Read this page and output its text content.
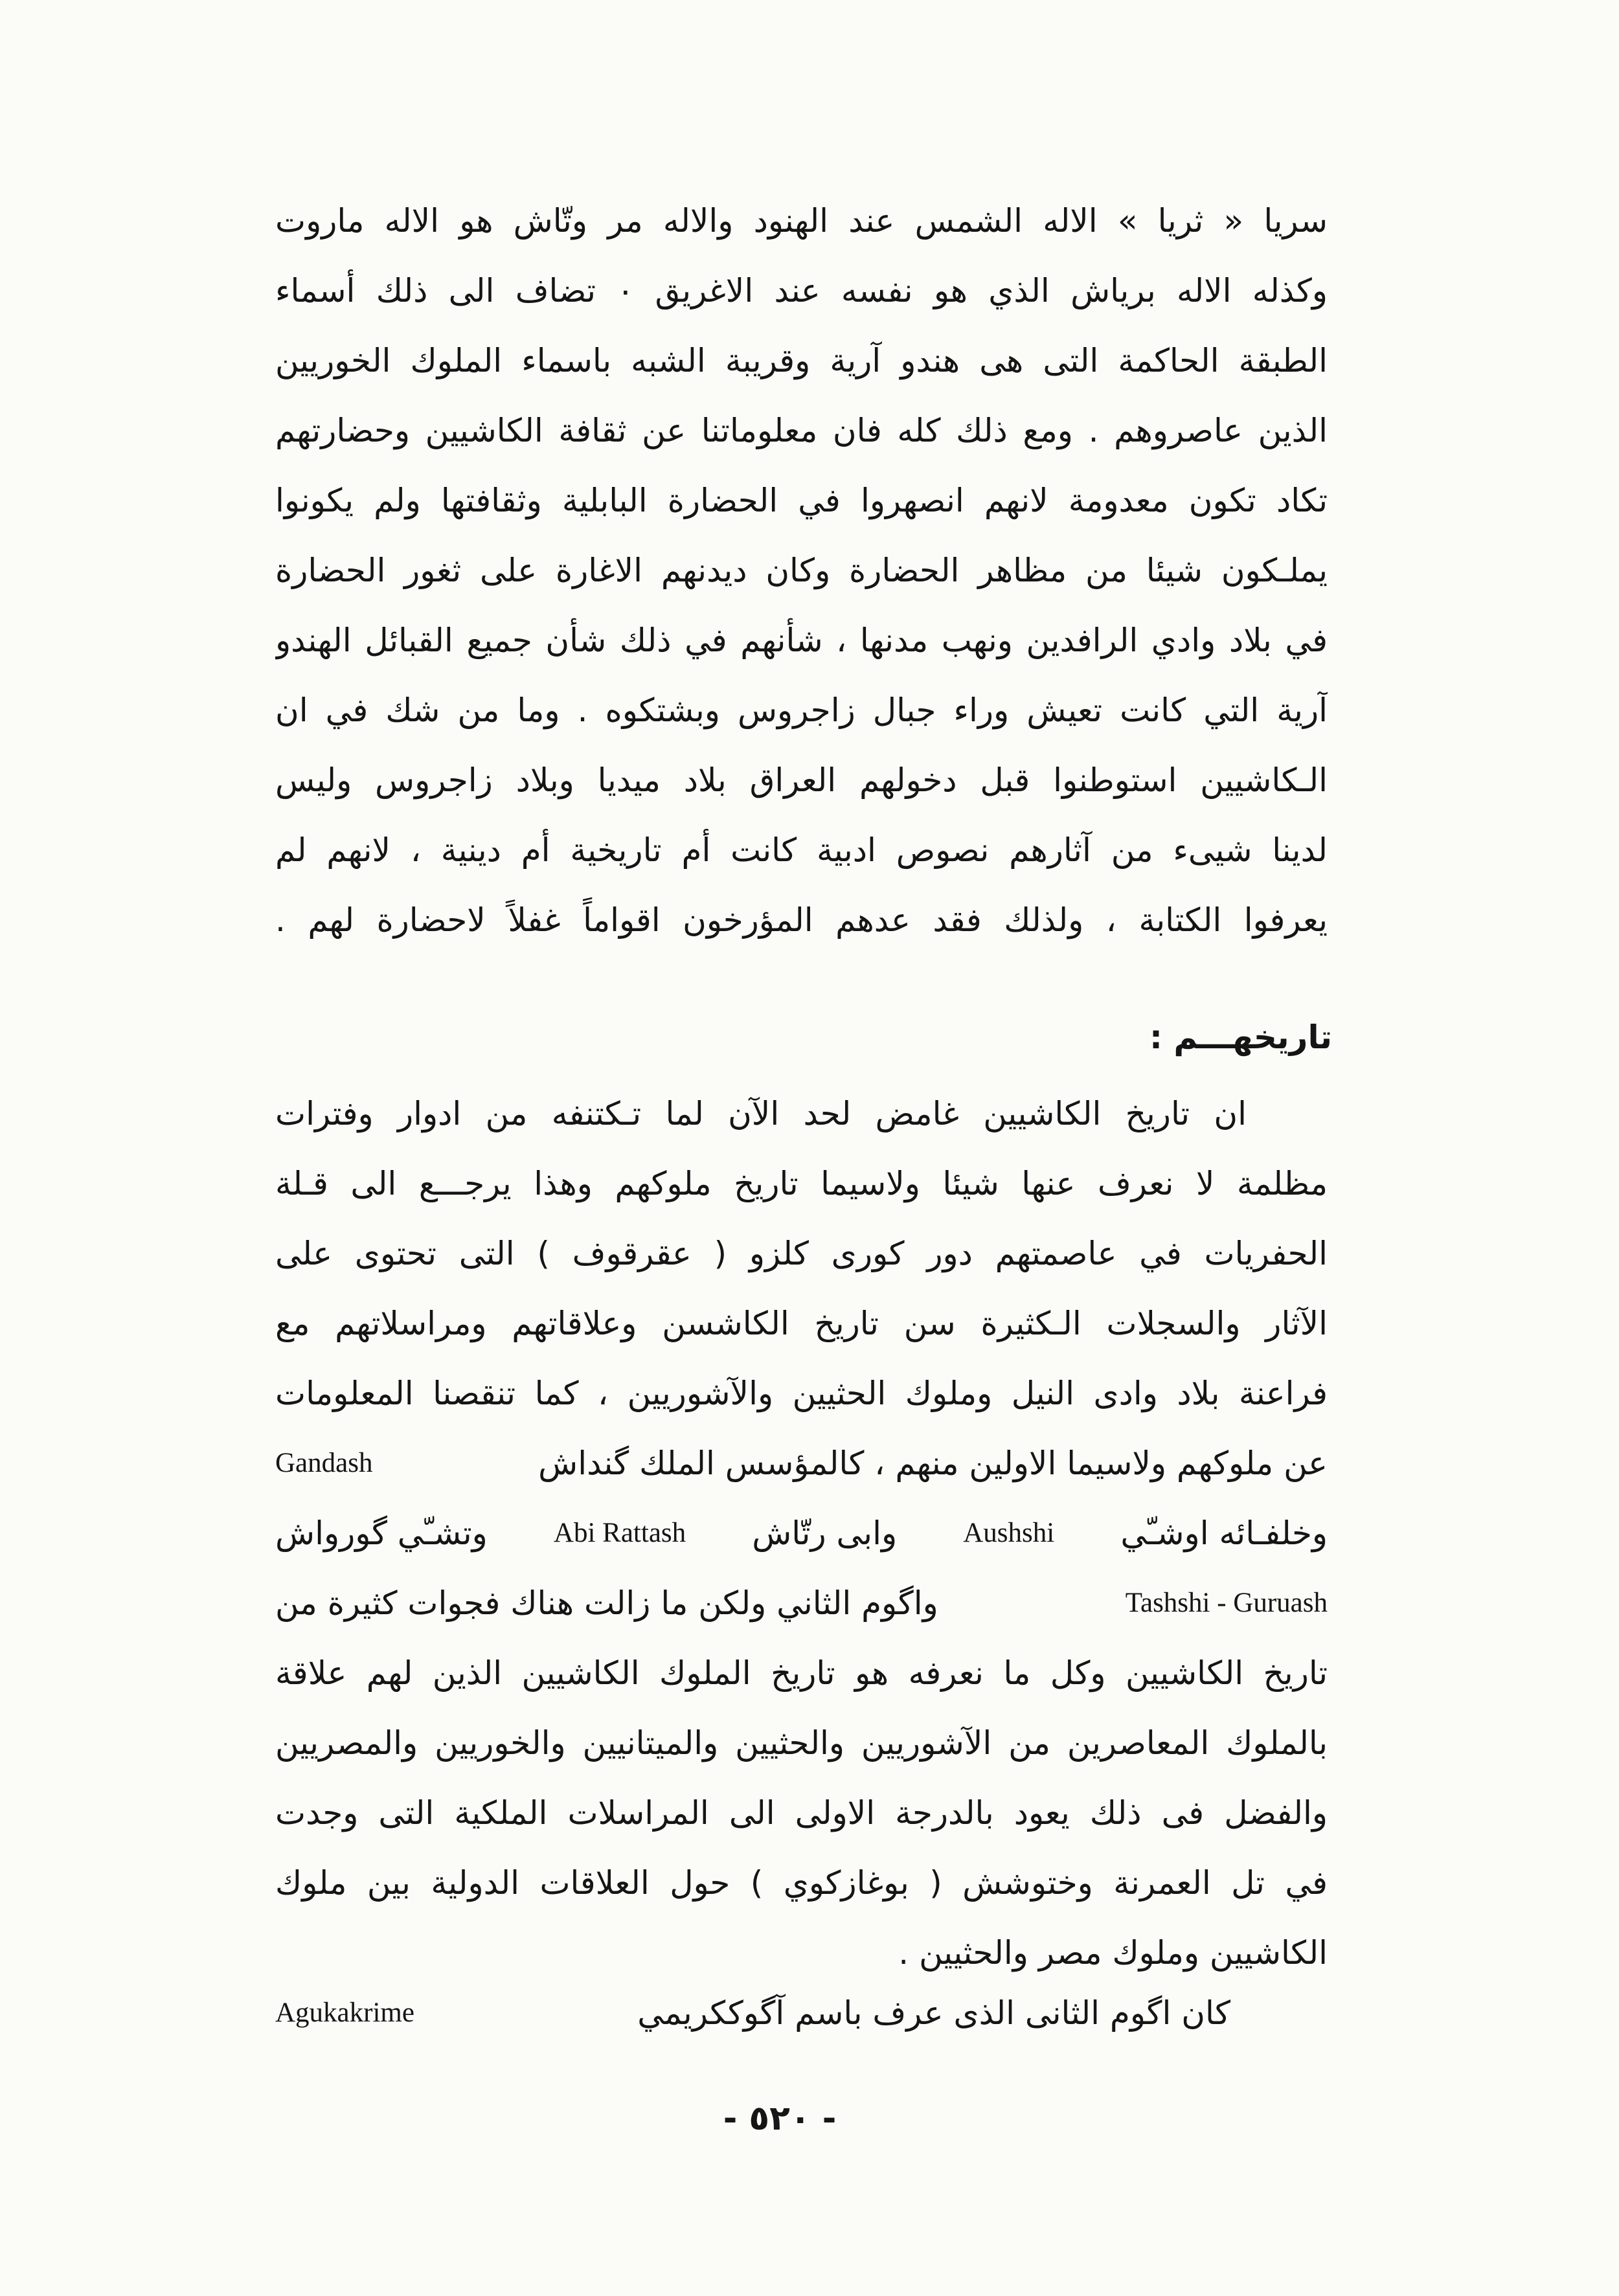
سريا « ثريا » الاله الشمس عند الهنود والاله مر وتّاش هو الاله ماروت
وكذله الاله برياش الذي هو نفسه عند الاغريق ٠ تضاف الى ذلك أسماء
الطبقة الحاكمة التى هى هندو آرية وقريبة الشبه باسماء الملوك الخوريين
الذين عاصروهم . ومع ذلك كله فان معلوماتنا عن ثقافة الكاشيين وحضارتهم
تكاد تكون معدومة لانهم انصهروا في الحضارة البابلية وثقافتها ولم يكونوا
يملـكون شيئا من مظاهر الحضارة وكان ديدنهم الاغارة على ثغور الحضارة
في بلاد وادي الرافدين ونهب مدنها ، شأنهم في ذلك شأن جميع القبائل الهندو
آرية التي كانت تعيش وراء جبال زاجروس وبشتكوه . وما من شك في ان
الـكاشيين استوطنوا قبل دخولهم العراق بلاد ميديا وبلاد زاجروس وليس
لدينا شيىء من آثارهم نصوص ادبية كانت أم تاريخية أم دينية ، لانهم لم
يعرفوا الكتابة ، ولذلك فقد عدهم المؤرخون اقواماً غفلاً لاحضارة لهم .
تاريخهـــم :
ان تاريخ الكاشيين غامض لحد الآن لما تـكتنفه من ادوار وفترات
مظلمة لا نعرف عنها شيئا ولاسيما تاريخ ملوكهم وهذا يرجـــع الى قـلة
الحفريات في عاصمتهم دور كورى كلزو ( عقرقوف ) التى تحتوى على
الآثار والسجلات الـكثيرة سن تاريخ الكاشسن وعلاقاتهم ومراسلاتهم مع
فراعنة بلاد وادى النيل وملوك الحثيين والآشوريين ، كما تنقصنا المعلومات
عن ملوكهم ولاسيما الاولين منهم ، كالمؤسس الملك گنداش
Gandash
وخلفـائه اوشـّي
Aushshi
وابى رتّاش
Abi Rattash
وتشـّي گورواش
Tashshi - Guruash
واگوم الثاني ولكن ما زالت هناك فجوات كثيرة من
تاريخ الكاشيين وكل ما نعرفه هو تاريخ الملوك الكاشيين الذين لهم علاقة
بالملوك المعاصرين من الآشوريين والحثيين والميتانيين والخوريين والمصريين
والفضل فى ذلك يعود بالدرجة الاولى الى المراسلات الملكية التى وجدت
في تل العمرنة وختوشش ( بوغازكوي ) حول العلاقات الدولية بين ملوك
الكاشيين وملوك مصر والحثيين .
كان اگوم الثانى الذى عرف باسم آگوككريمي
Agukakrime
- ٥٢٠ -
